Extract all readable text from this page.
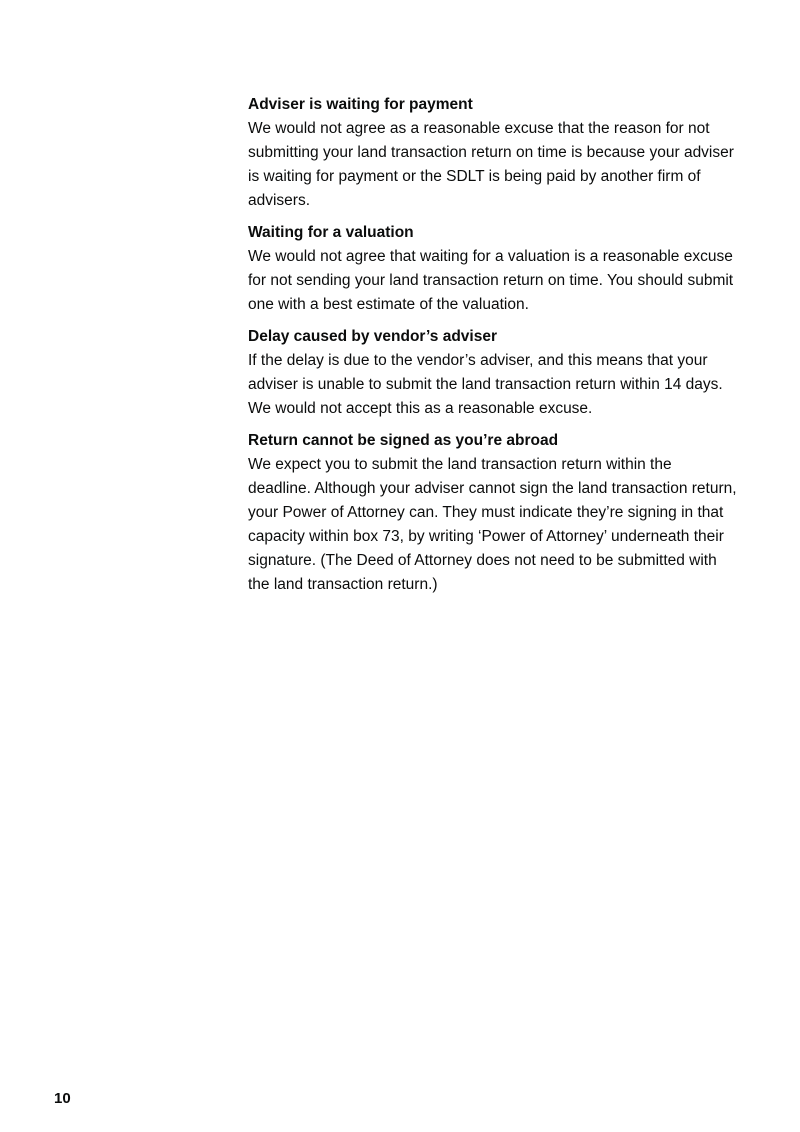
Adviser is waiting for payment

We would not agree as a reasonable excuse that the reason for not submitting your land transaction return on time is because your adviser is waiting for payment or the SDLT is being paid by another firm of advisers.

Waiting for a valuation

We would not agree that waiting for a valuation is a reasonable excuse for not sending your land transaction return on time. You should submit one with a best estimate of the valuation.

Delay caused by vendor’s adviser

If the delay is due to the vendor’s adviser, and this means that your adviser is unable to submit the land transaction return within 14 days. We would not accept this as a reasonable excuse.

Return cannot be signed as you’re abroad

We expect you to submit the land transaction return within the deadline. Although your adviser cannot sign the land transaction return, your Power of Attorney can. They must indicate they’re signing in that capacity within box 73, by writing ‘Power of Attorney’ underneath their signature. (The Deed of Attorney does not need to be submitted with the land transaction return.)

10
